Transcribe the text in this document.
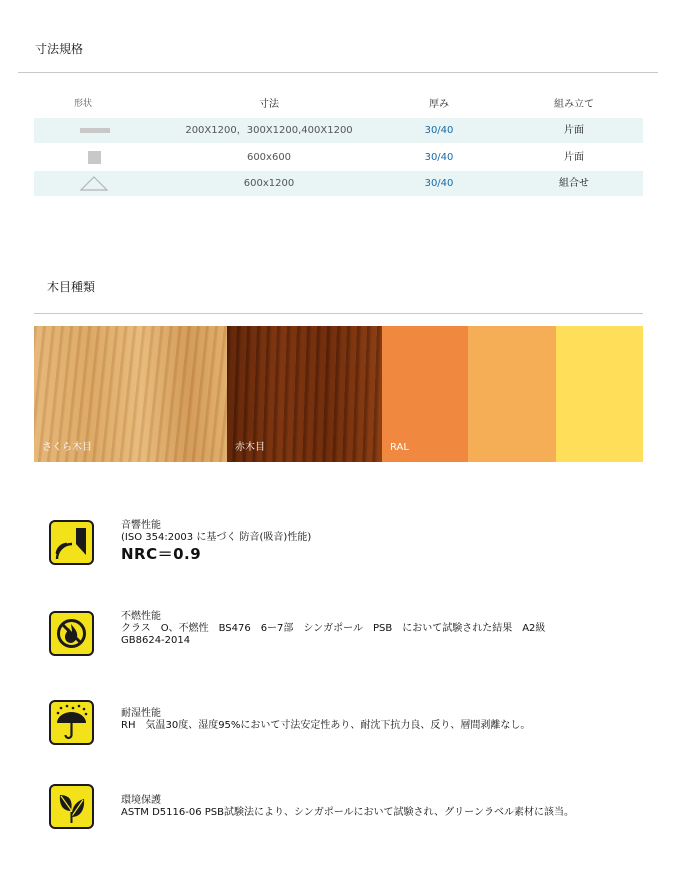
寸法規格
形状	寸法	厚み	組み立て
200X1200，300X1200,400X1200	30/40	片面
600x600	30/40	片面
600x1200	30/40	組合せ
木目種類
さくら木目	赤木目	RAL
音響性能
(ISO 354:2003 に基づく 防音(吸音)性能)
NRC＝0.9
不燃性能
クラス　O、不燃性　BS476　6ー7部　シンガポール　PSB　において試験された結果　A2級
GB8624-2014
耐湿性能
RH　気温30度、湿度95%において寸法安定性あり、耐沈下抗力良、反り、層間剥離なし。
環境保護
ASTM D5116-06 PSB試験法により、シンガポールにおいて試験され、グリーンラベル素材に該当。
